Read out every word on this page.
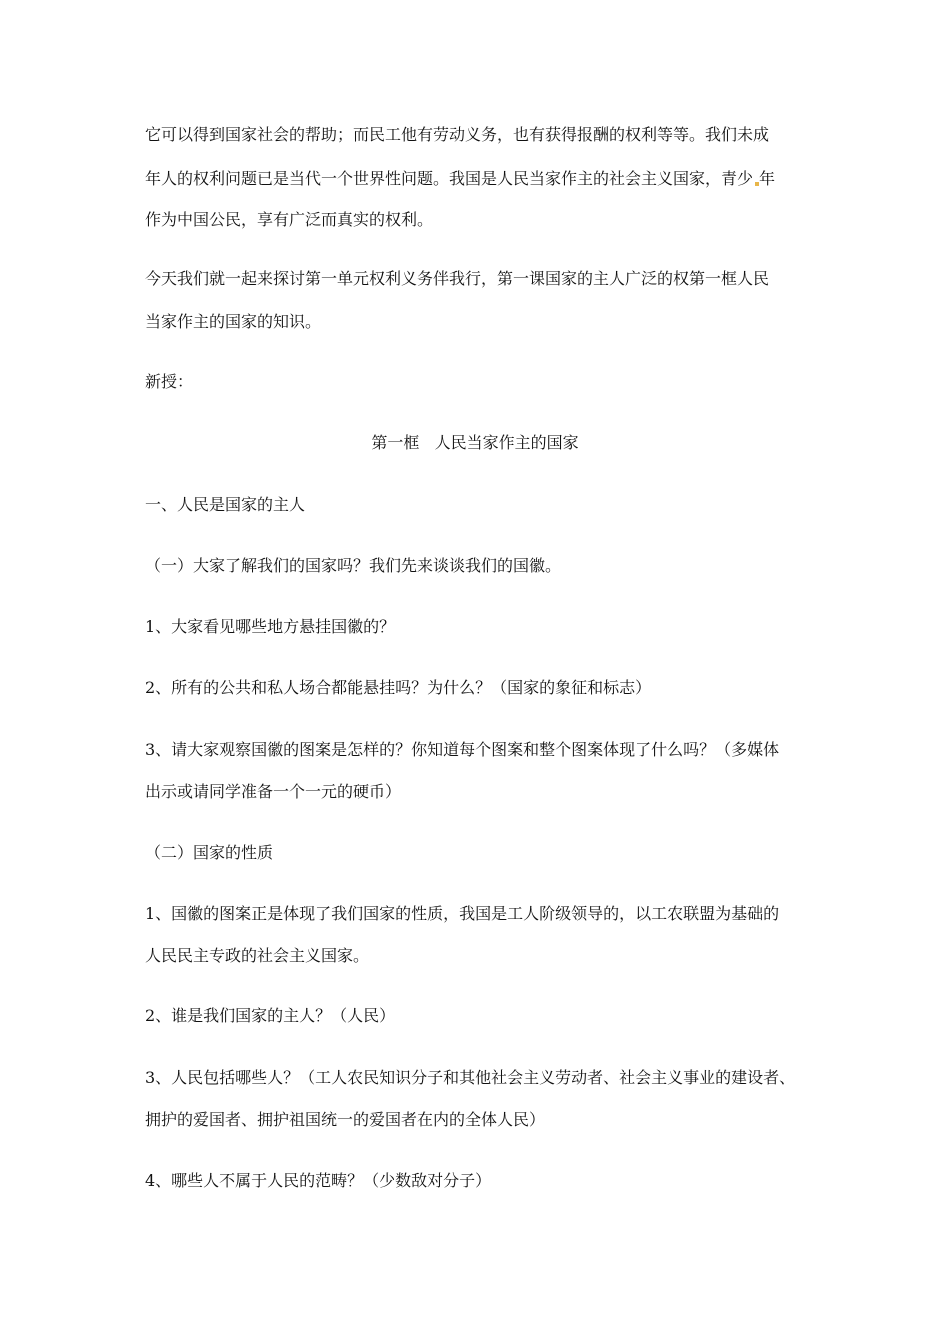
它可以得到国家社会的帮助；而民工他有劳动义务，也有获得报酬的权利等等。我们未成
年人的权利问题已是当代一个世界性问题。我国是人民当家作主的社会主义国家，青少 年
作为中国公民，享有广泛而真实的权利。
今天我们就一起来探讨第一单元权利义务伴我行，第一课国家的主人广泛的权第一框人民
当家作主的国家的知识。
新授：
第一框   人民当家作主的国家
一、人民是国家的主人
（一）大家了解我们的国家吗？我们先来谈谈我们的国徽。
1、大家看见哪些地方悬挂国徽的？
2、所有的公共和私人场合都能悬挂吗？为什么？（国家的象征和标志）
3、请大家观察国徽的图案是怎样的？你知道每个图案和整个图案体现了什么吗？（多媒体
出示或请同学准备一个一元的硬币）
（二）国家的性质
1、国徽的图案正是体现了我们国家的性质，我国是工人阶级领导的，以工农联盟为基础的
人民民主专政的社会主义国家。
2、谁是我们国家的主人？（人民）
3、人民包括哪些人？（工人农民知识分子和其他社会主义劳动者、社会主义事业的建设者、
拥护的爱国者、拥护祖国统一的爱国者在内的全体人民）
4、哪些人不属于人民的范畴？（少数敌对分子）
